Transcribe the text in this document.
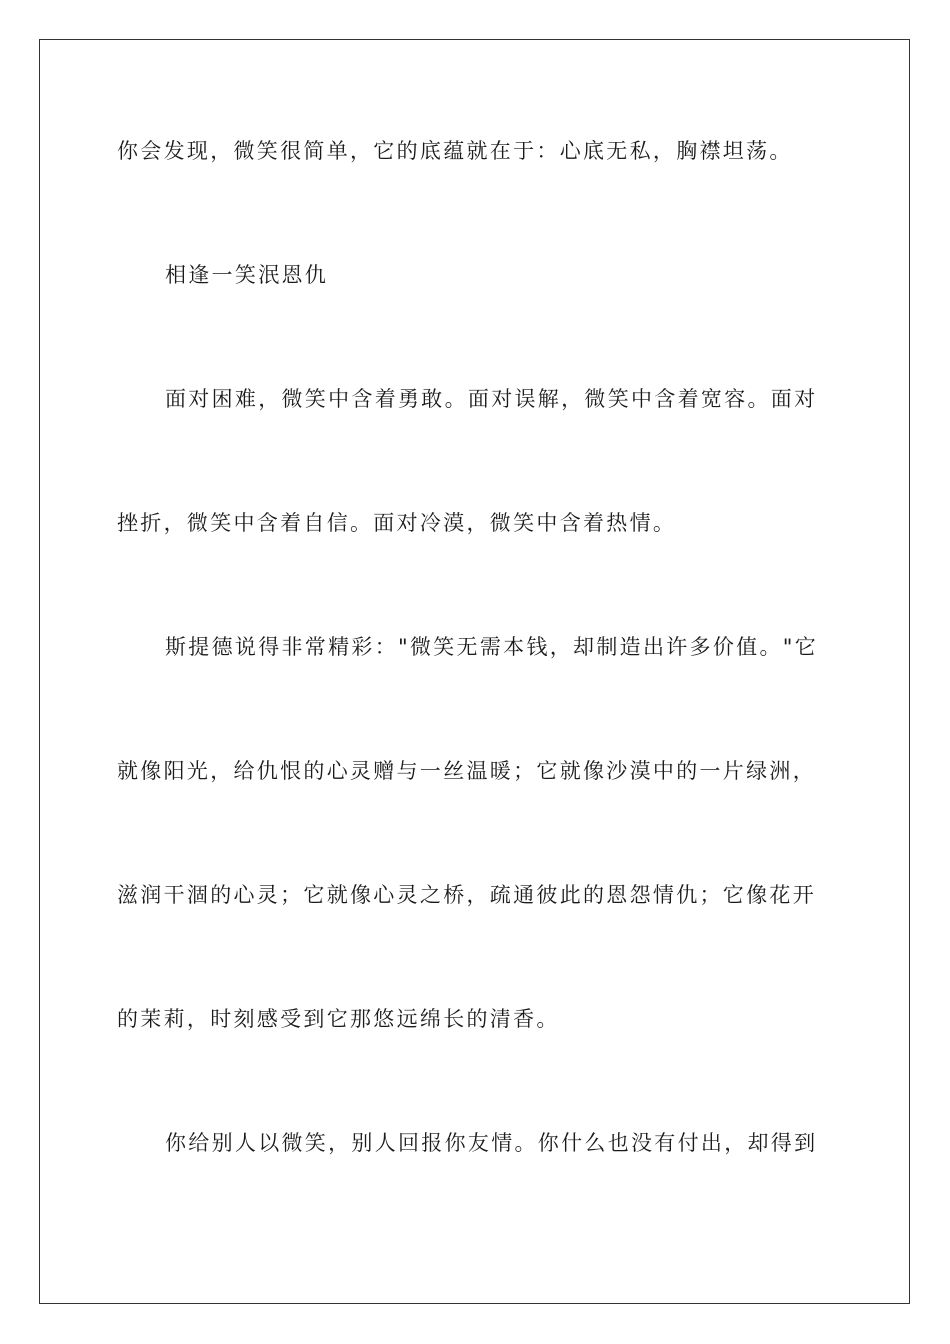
你会发现，微笑很简单，它的底蕴就在于：心底无私，胸襟坦荡。
相逢一笑泯恩仇
面对困难，微笑中含着勇敢。面对误解，微笑中含着宽容。面对
挫折，微笑中含着自信。面对冷漠，微笑中含着热情。
斯提德说得非常精彩："微笑无需本钱，却制造出许多价值。"它
就像阳光，给仇恨的心灵赠与一丝温暖；它就像沙漠中的一片绿洲，
滋润干涸的心灵；它就像心灵之桥，疏通彼此的恩怨情仇；它像花开
的茉莉，时刻感受到它那悠远绵长的清香。
你给别人以微笑，别人回报你友情。你什么也没有付出，却得到
